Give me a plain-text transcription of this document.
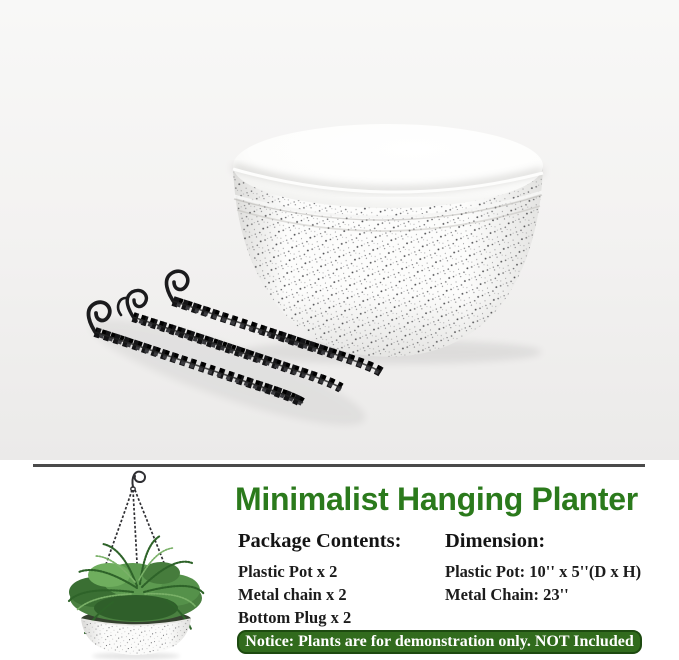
Minimalist Hanging Planter
Package Contents:
Plastic Pot x 2
Metal chain x 2
Bottom Plug x 2
Dimension:
Plastic Pot: 10'' x 5''(D x H)
Metal Chain: 23''
Notice: Plants are for demonstration only. NOT Included
